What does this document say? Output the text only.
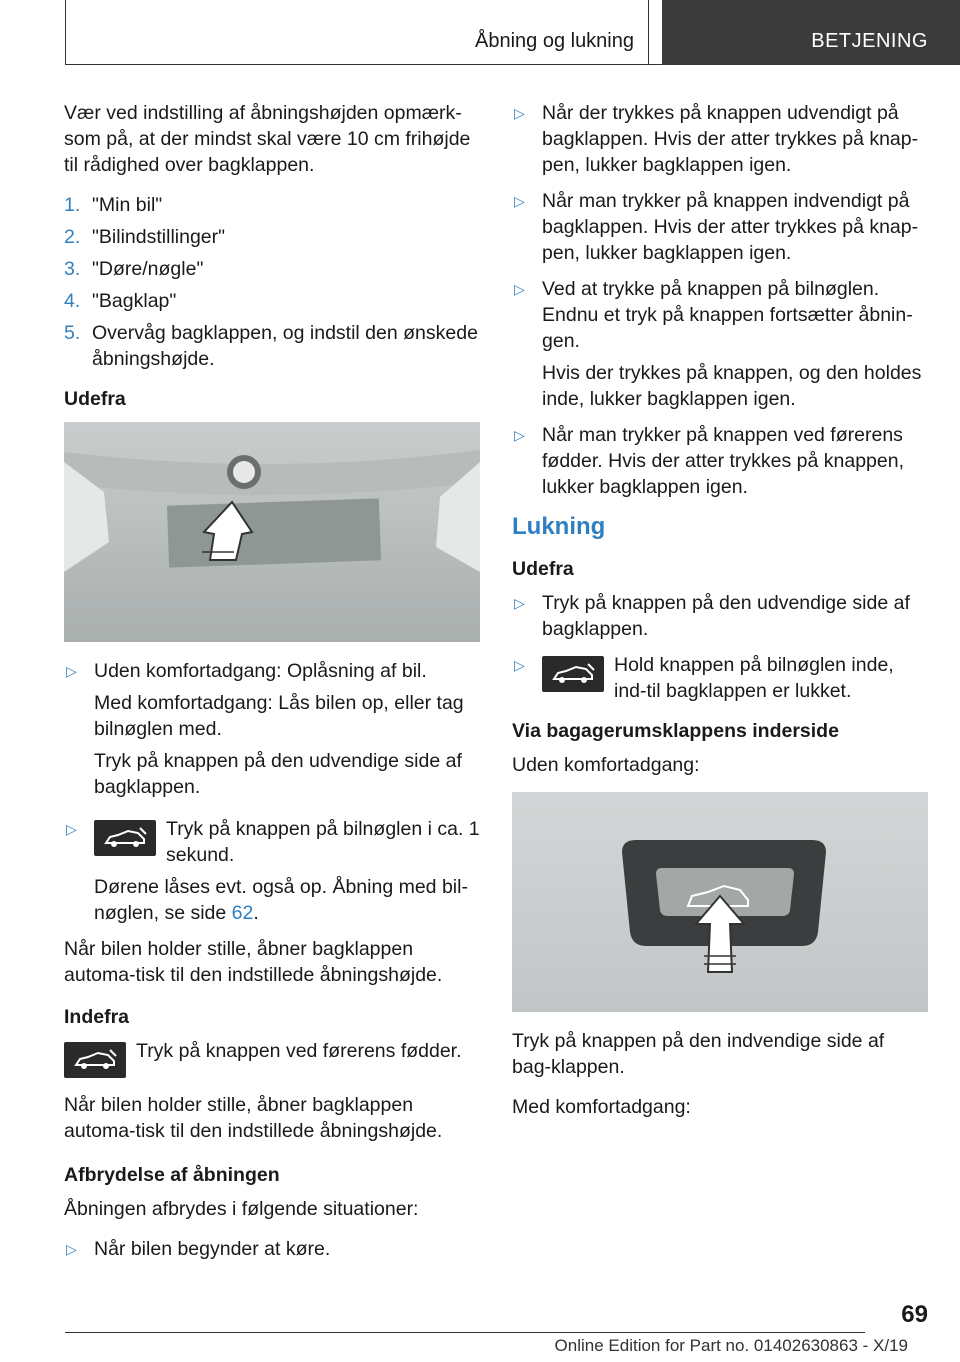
Åbning og lukning	BETJENING

Vær ved indstilling af åbningshøjden opmærk-som på, at der mindst skal være 10 cm frihøjde til rådighed over bagklappen.

1. "Min bil"
2. "Bilindstillinger"
3. "Døre/nøgle"
4. "Bagklap"
5. Overvåg bagklappen, og indstil den ønskede åbningshøjde.

Udefra

▷ Uden komfortadgang: Oplåsning af bil.

Med komfortadgang: Lås bilen op, eller tag bilnøglen med.

Tryk på knappen på den udvendige side af bagklappen.

▷	Tryk på knappen på bilnøglen i ca. 1 sekund.

Dørene låses evt. også op. Åbning med bil-nøglen, se side 62.

Når bilen holder stille, åbner bagklappen automa-tisk til den indstillede åbningshøjde.

Indefra

Tryk på knappen ved førerens fødder.

Når bilen holder stille, åbner bagklappen automa-tisk til den indstillede åbningshøjde.

Afbrydelse af åbningen

Åbningen afbrydes i følgende situationer:

▷ Når bilen begynder at køre.

▷ Når der trykkes på knappen udvendigt på bagklappen. Hvis der atter trykkes på knap-pen, lukker bagklappen igen.

▷ Når man trykker på knappen indvendigt på bagklappen. Hvis der atter trykkes på knap-pen, lukker bagklappen igen.

▷ Ved at trykke på knappen på bilnøglen. Endnu et tryk på knappen fortsætter åbnin-gen.

Hvis der trykkes på knappen, og den holdes inde, lukker bagklappen igen.

▷ Når man trykker på knappen ved førerens fødder. Hvis der atter trykkes på knappen, lukker bagklappen igen.

Lukning

Udefra

▷ Tryk på knappen på den udvendige side af bagklappen.

▷	Hold knappen på bilnøglen inde, ind-til bagklappen er lukket.

Via bagagerumsklappens inderside

Uden komfortadgang:

Tryk på knappen på den indvendige side af bag-klappen.

Med komfortadgang:

69
Online Edition for Part no. 01402630863 - X/19
